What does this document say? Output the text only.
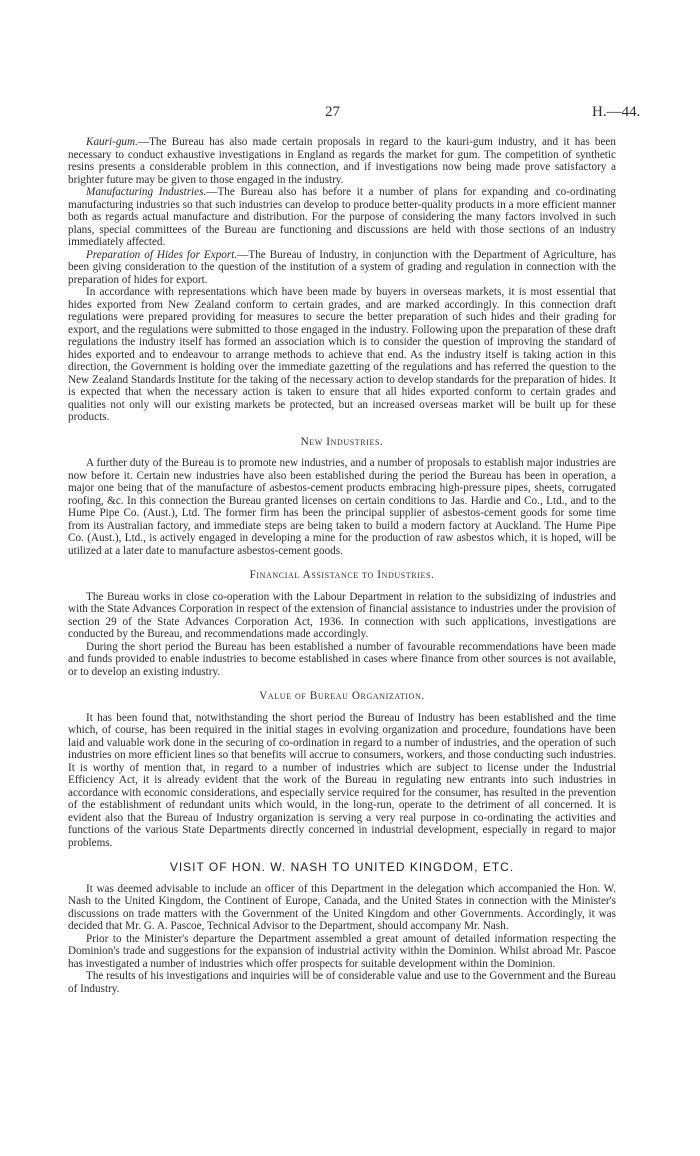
27	H.—44.

Kauri-gum.—The Bureau has also made certain proposals in regard to the kauri-gum industry, and it has been necessary to conduct exhaustive investigations in England as regards the market for gum. The competition of synthetic resins presents a considerable problem in this connection, and if investigations now being made prove satisfactory a brighter future may be given to those engaged in the industry.

Manufacturing Industries.—The Bureau also has before it a number of plans for expanding and co-ordinating manufacturing industries so that such industries can develop to produce better-quality products in a more efficient manner both as regards actual manufacture and distribution. For the purpose of considering the many factors involved in such plans, special committees of the Bureau are functioning and discussions are held with those sections of an industry immediately affected.

Preparation of Hides for Export.—The Bureau of Industry, in conjunction with the Department of Agriculture, has been giving consideration to the question of the institution of a system of grading and regulation in connection with the preparation of hides for export.

In accordance with representations which have been made by buyers in overseas markets, it is most essential that hides exported from New Zealand conform to certain grades, and are marked accordingly. In this connection draft regulations were prepared providing for measures to secure the better preparation of such hides and their grading for export, and the regulations were submitted to those engaged in the industry. Following upon the preparation of these draft regulations the industry itself has formed an association which is to consider the question of improving the standard of hides exported and to endeavour to arrange methods to achieve that end. As the industry itself is taking action in this direction, the Government is holding over the immediate gazetting of the regulations and has referred the question to the New Zealand Standards Institute for the taking of the necessary action to develop standards for the preparation of hides. It is expected that when the necessary action is taken to ensure that all hides exported conform to certain grades and qualities not only will our existing markets be protected, but an increased overseas market will be built up for these products.

New Industries.

A further duty of the Bureau is to promote new industries, and a number of proposals to establish major industries are now before it. Certain new industries have also been established during the period the Bureau has been in operation, a major one being that of the manufacture of asbestos-cement products embracing high-pressure pipes, sheets, corrugated roofing, &c. In this connection the Bureau granted licenses on certain conditions to Jas. Hardie and Co., Ltd., and to the Hume Pipe Co. (Aust.), Ltd. The former firm has been the principal supplier of asbestos-cement goods for some time from its Australian factory, and immediate steps are being taken to build a modern factory at Auckland. The Hume Pipe Co. (Aust.), Ltd., is actively engaged in developing a mine for the production of raw asbestos which, it is hoped, will be utilized at a later date to manufacture asbestos-cement goods.

Financial Assistance to Industries.

The Bureau works in close co-operation with the Labour Department in relation to the subsidizing of industries and with the State Advances Corporation in respect of the extension of financial assistance to industries under the provision of section 29 of the State Advances Corporation Act, 1936. In connection with such applications, investigations are conducted by the Bureau, and recommendations made accordingly.

During the short period the Bureau has been established a number of favourable recommendations have been made and funds provided to enable industries to become established in cases where finance from other sources is not available, or to develop an existing industry.

Value of Bureau Organization.

It has been found that, notwithstanding the short period the Bureau of Industry has been established and the time which, of course, has been required in the initial stages in evolving organization and procedure, foundations have been laid and valuable work done in the securing of co-ordination in regard to a number of industries, and the operation of such industries on more efficient lines so that benefits will accrue to consumers, workers, and those conducting such industries. It is worthy of mention that, in regard to a number of industries which are subject to license under the Industrial Efficiency Act, it is already evident that the work of the Bureau in regulating new entrants into such industries in accordance with economic considerations, and especially service required for the consumer, has resulted in the prevention of the establishment of redundant units which would, in the long-run, operate to the detriment of all concerned. It is evident also that the Bureau of Industry organization is serving a very real purpose in co-ordinating the activities and functions of the various State Departments directly concerned in industrial development, especially in regard to major problems.

VISIT OF HON. W. NASH TO UNITED KINGDOM, ETC.

It was deemed advisable to include an officer of this Department in the delegation which accompanied the Hon. W. Nash to the United Kingdom, the Continent of Europe, Canada, and the United States in connection with the Minister's discussions on trade matters with the Government of the United Kingdom and other Governments. Accordingly, it was decided that Mr. G. A. Pascoe, Technical Advisor to the Department, should accompany Mr. Nash.

Prior to the Minister's departure the Department assembled a great amount of detailed information respecting the Dominion's trade and suggestions for the expansion of industrial activity within the Dominion. Whilst abroad Mr. Pascoe has investigated a number of industries which offer prospects for suitable development within the Dominion.

The results of his investigations and inquiries will be of considerable value and use to the Government and the Bureau of Industry.
